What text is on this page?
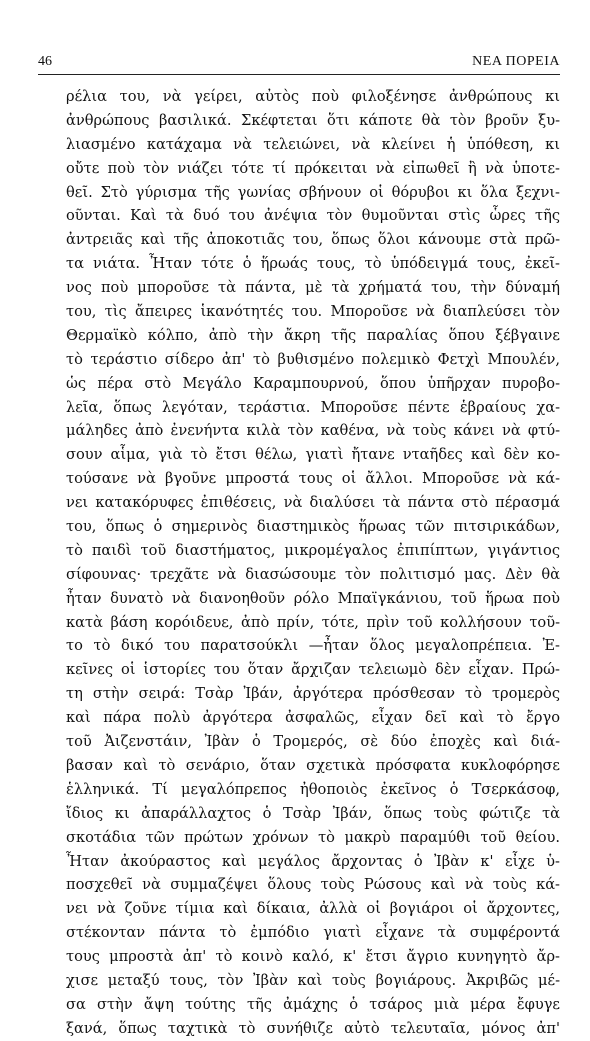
46	ΝΕΑ ΠΟΡΕΙΑ
ρέλια του, νὰ γείρει, αὐτὸς ποὺ φιλοξένησε ἀνθρώπους κι
ἀνθρώπους βασιλικά. Σκέφτεται ὅτι κάποτε θὰ τὸν βροῦν ξυ-
λιασμένο κατάχαμα νὰ τελειώνει, νὰ κλείνει ἡ ὑπόθεση, κι
οὔτε ποὺ τὸν νιάζει τότε τί πρόκειται νὰ εἰπωθεῖ ἢ νὰ ὑποτε-
θεῖ. Στὸ γύρισμα τῆς γωνίας σβήνουν οἱ θόρυβοι κι ὅλα ξεχνι-
οῦνται. Καὶ τὰ δυό του ἀνέψια τὸν θυμοῦνται στὶς ὧρες τῆς
ἀντρειᾶς καὶ τῆς ἀποκοτιᾶς του, ὅπως ὅλοι κάνουμε στὰ πρῶ-
τα νιάτα. Ἦταν τότε ὁ ἥρωάς τους, τὸ ὑπόδειγμά τους, ἐκεῖ-
νος ποὺ μποροῦσε τὰ πάντα, μὲ τὰ χρήματά του, τὴν δύναμή
του, τὶς ἄπειρες ἱκανότητές του. Μποροῦσε νὰ διαπλεύσει τὸν
Θερμαϊκὸ κόλπο, ἀπὸ τὴν ἄκρη τῆς παραλίας ὅπου ξέβγαινε
τὸ τεράστιο σίδερο ἀπ' τὸ βυθισμένο πολεμικὸ Φετχὶ Μπουλέν,
ὡς πέρα στὸ Μεγάλο Καραμπουρνού, ὅπου ὑπῆρχαν πυροβο-
λεῖα, ὅπως λεγόταν, τεράστια. Μποροῦσε πέντε ἑβραίους χα-
μάληδες ἀπὸ ἐνενήντα κιλὰ τὸν καθένα, νὰ τοὺς κάνει νὰ φτύ-
σουν αἷμα, γιὰ τὸ ἔτσι θέλω, γιατὶ ἤτανε νταῆδες καὶ δὲν κο-
τούσανε νὰ βγοῦνε μπροστά τους οἱ ἄλλοι. Μποροῦσε νὰ κά-
νει κατακόρυφες ἐπιθέσεις, νὰ διαλύσει τὰ πάντα στὸ πέρασμά
του, ὅπως ὁ σημερινὸς διαστημικὸς ἥρωας τῶν πιτσιρικάδων,
τὸ παιδὶ τοῦ διαστήματος, μικρομέγαλος ἐπιπίπτων, γιγάντιος
σίφουνας· τρεχᾶτε νὰ διασώσουμε τὸν πολιτισμό μας. Δὲν θὰ
ἦταν δυνατὸ νὰ διανοηθοῦν ρόλο Μπαϊγκάνιου, τοῦ ἥρωα ποὺ
κατὰ βάση κορόιδευε, ἀπὸ πρίν, τότε, πρὶν τοῦ κολλήσουν τοῦ-
το τὸ δικό του παρατσούκλι —ἦταν ὅλος μεγαλοπρέπεια. Ἐ-
κεῖνες οἱ ἱστορίες του ὅταν ἄρχιζαν τελειωμὸ δὲν εἶχαν. Πρώ-
τη στὴν σειρά: Τσὰρ Ἰβάν, ἀργότερα πρόσθεσαν τὸ τρομερὸς
καὶ πάρα πολὺ ἀργότερα ἀσφαλῶς, εἶχαν δεῖ καὶ τὸ ἔργο
τοῦ Ἀιζενστάιν, Ἰβὰν ὁ Τρομερός, σὲ δύο ἐποχὲς καὶ διά-
βασαν καὶ τὸ σενάριο, ὅταν σχετικὰ πρόσφατα κυκλοφόρησε
ἑλληνικά. Τί μεγαλόπρεπος ἠθοποιὸς ἐκεῖνος ὁ Τσερκάσοφ,
ἴδιος κι ἀπαράλλαχτος ὁ Τσὰρ Ἰβάν, ὅπως τοὺς φώτιζε τὰ
σκοτάδια τῶν πρώτων χρόνων τὸ μακρὺ παραμύθι τοῦ θείου.
Ἦταν ἀκούραστος καὶ μεγάλος ἄρχοντας ὁ Ἰβὰν κ' εἶχε ὑ-
ποσχεθεῖ νὰ συμμαζέψει ὅλους τοὺς Ρώσους καὶ νὰ τοὺς κά-
νει νὰ ζοῦνε τίμια καὶ δίκαια, ἀλλὰ οἱ βογιάροι οἱ ἄρχοντες,
στέκονταν πάντα τὸ ἐμπόδιο γιατὶ εἶχανε τὰ συμφέροντά
τους μπροστὰ ἀπ' τὸ κοινὸ καλό, κ' ἔτσι ἄγριο κυνηγητὸ ἄρ-
χισε μεταξύ τους, τὸν Ἰβὰν καὶ τοὺς βογιάρους. Ἀκριβῶς μέ-
σα στὴν ἄψη τούτης τῆς ἀμάχης ὁ τσάρος μιὰ μέρα ἔφυγε
ξανά, ὅπως ταχτικὰ τὸ συνήθιζε αὐτὸ τελευταῖα, μόνος ἀπ'
